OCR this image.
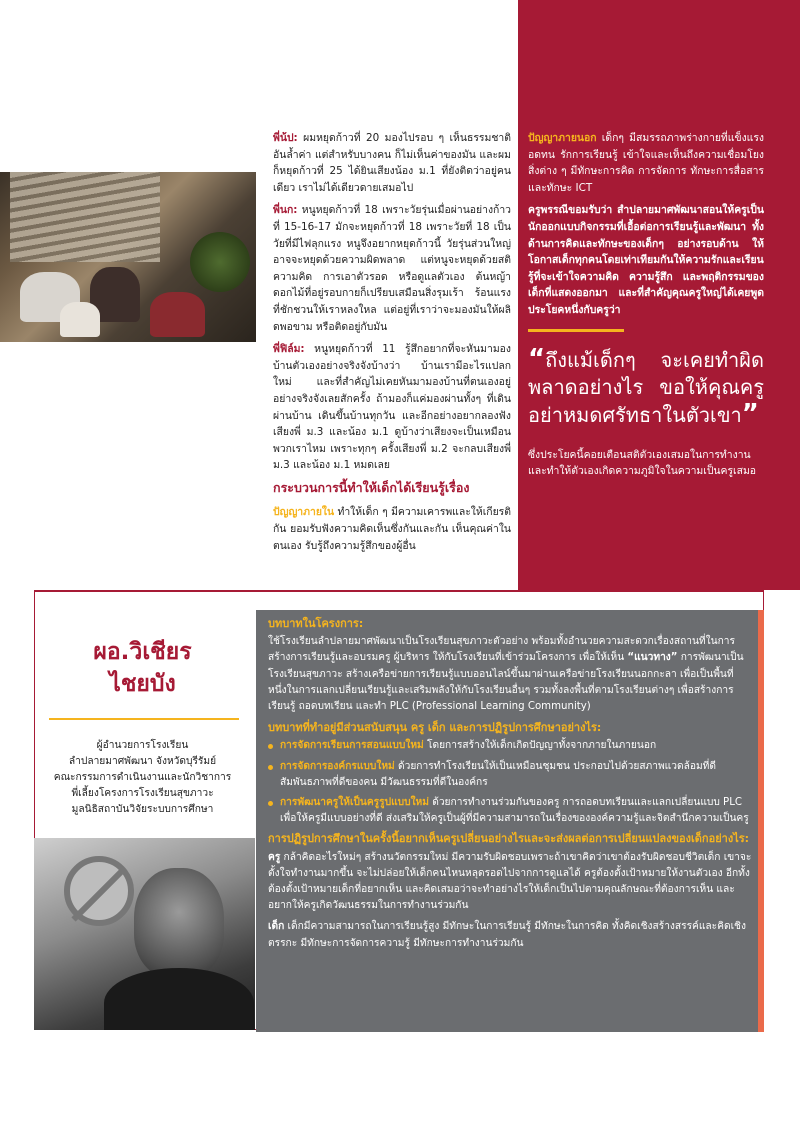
พี่น้ป: ผมหยุดก้าวที่ 20 มองไปรอบ ๆ เห็นธรรมชาติอันล้ำค่า แต่สำหรับบางคน ก็ไม่เห็นค่าของมัน และผมก็หยุดก้าวที่ 25 ได้ยินเสียงน้อง ม.1 ที่ยังติดว่าอยู่คนเดียว เราไม่ได้เดียวดายเสมอไป

พี่นก: หนูหยุดก้าวที่ 18 เพราะวัยรุ่นเมื่อผ่านอย่างก้าวที่ 15-16-17 มักจะหยุดก้าวที่ 18 เพราะวัยที่ 18 เป็นวัยที่มีไฟลุกแรง หนูจึงอยากหยุดก้าวนี้ วัยรุ่นส่วนใหญ่อาจจะหยุดด้วยความผิดพลาด แต่หนูจะหยุดด้วยสติ ความคิด การเอาตัวรอด หรือดูแลตัวเอง ต้นหญ้า ดอกไม้ที่อยู่รอบกายก็เปรียบเสมือนสิ่งรุมเร้า ร้อนแรง ที่ชักชวนให้เราหลงใหล แต่อยู่ที่เราว่าจะมองมันให้ผลิดพอขาม หรือติดอยู่กับมัน

พี่ฟิล์ม: หนูหยุดก้าวที่ 11 รู้สึกอยากที่จะหันมามองบ้านตัวเองอย่างจริงจังบ้างว่า บ้านเรามีอะไรแปลกใหม่ และที่สำคัญไม่เคยหันมามองบ้านที่ตนเองอยู่อย่างจริงจังเลยสักครั้ง ถ้ามองก็แค่มองผ่านทั้งๆ ที่เดินผ่านบ้าน เดินขึ้นบ้านทุกวัน และอีกอย่างอยากลองฟังเสียงพี่ ม.3 และน้อง ม.1 ดูบ้างว่าเสียงจะเป็นเหมือนพวกเราไหม เพราะทุกๆ ครั้งเสียงพี่ ม.2 จะกลบเสียงพี่ ม.3 และน้อง ม.1 หมดเลย

กระบวนการนี้ทำให้เด็กได้เรียนรู้เรื่อง

ปัญญาภายใน ทำให้เด็ก ๆ มีความเคารพและให้เกียรติกัน ยอมรับฟังความคิดเห็นซึ่งกันและกัน เห็นคุณค่าในตนเอง รับรู้ถึงความรู้สึกของผู้อื่น

ปัญญาภายนอก เด็กๆ มีสมรรถภาพร่างกายที่แข็งแรง อดทน รักการเรียนรู้ เข้าใจและเห็นถึงความเชื่อมโยงสิ่งต่าง ๆ มีทักษะการคิด การจัดการ ทักษะการสื่อสาร และทักษะ ICT

ครูพรรณีขอมรับว่า สำปลายมาศพัฒนาสอนให้ครูเป็นนักออกแบบกิจกรรมที่เอื้อต่อการเรียนรู้และพัฒนา ทั้งด้านการคิดและทักษะของเด็กๆ อย่างรอบด้าน ให้โอกาสเด็กทุกคนโดยเท่าเทียมกันให้ความรักและเรียนรู้ที่จะเข้าใจความคิด ความรู้สึก และพฤติกรรมของเด็กที่แสดงออกมา และที่สำคัญคุณครูใหญ่ได้เคยพูดประโยคหนึ่งกับครูว่า

“ถึงแม้เด็กๆ จะเคยทำผิดพลาดอย่างไร ขอให้คุณครูอย่าหมดศรัทธาในตัวเขา”

ซึ่งประโยคนี้คอยเตือนสติตัวเองเสมอในการทำงาน และทำให้ตัวเองเกิดความภูมิใจในความเป็นครูเสมอ

ผอ.วิเชียร
ไชยบัง
ผู้อำนวยการโรงเรียน
ลำปลายมาศพัฒนา จังหวัดบุรีรัมย์
คณะกรรมการดำเนินงานและนักวิชาการ
พี่เลี้ยงโครงการโรงเรียนสุขภาวะ
มูลนิธิสถาบันวิจัยระบบการศึกษา
บทบาทในโครงการ:

ใช้โรงเรียนลำปลายมาศพัฒนาเป็นโรงเรียนสุขภาวะตัวอย่าง พร้อมทั้งอำนวยความสะดวกเรื่องสถานที่ในการสร้างการเรียนรู้และอบรมครู ผู้บริหาร ให้กับโรงเรียนที่เข้าร่วมโครงการ เพื่อให้เห็น “แนวทาง” การพัฒนาเป็นโรงเรียนสุขภาวะ สร้างเครือข่ายการเรียนรู้แบบออนไลน์ขึ้นมาผ่านเครือข่ายโรงเรียนนอกกะลา เพื่อเป็นพื้นที่หนึ่งในการแลกเปลี่ยนเรียนรู้และเสริมพลังให้กับโรงเรียนอื่นๆ รวมทั้งลงพื้นที่ตามโรงเรียนต่างๆ เพื่อสร้างการเรียนรู้ ถอดบทเรียน และทำ PLC (Professional Learning Community)

บทบาทที่ทำอยู่มีส่วนสนับสนุน ครู เด็ก และการปฏิรูปการศึกษาอย่างไร:
การจัดการเรียนการสอนแบบใหม่ โดยการสร้างให้เด็กเกิดปัญญาทั้งจากภายในภายนอก
การจัดการองค์กรแบบใหม่ ด้วยการทำโรงเรียนให้เป็นเหมือนชุมชน ประกอบไปด้วยสภาพแวดล้อมที่ดี สัมพันธภาพที่ดีของคน มีวัฒนธรรมที่ดีในองค์กร
การพัฒนาครูให้เป็นครูรูปแบบใหม่ ด้วยการทำงานร่วมกันของครู การถอดบทเรียนและแลกเปลี่ยนแบบ PLC เพื่อให้ครูมีแบบอย่างที่ดี ส่งเสริมให้ครูเป็นผู้ที่มีความสามารถในเรื่องขององค์ความรู้และจิตสำนึกความเป็นครู
การปฏิรูปการศึกษาในครั้งนี้อยากเห็นครูเปลี่ยนอย่างไรและจะส่งผลต่อการเปลี่ยนแปลงของเด็กอย่างไร:

ครู กล้าคิดอะไรใหม่ๆ สร้างนวัตกรรมใหม่ มีความรับผิดชอบเพราะถ้าเขาคิดว่าเขาต้องรับผิดชอบชีวิตเด็ก เขาจะตั้งใจทำงานมากขึ้น จะไม่ปล่อยให้เด็กคนไหนหลุดรอดไปจากการดูแลได้ ครูต้องตั้งเป้าหมายให้งานตัวเอง อีกทั้งต้องตั้งเป้าหมายเด็กที่อยากเห็น และคิดเสมอว่าจะทำอย่างไรให้เด็กเป็นไปตามคุณลักษณะที่ต้องการเห็น และอยากให้ครูเกิดวัฒนธรรมในการทำงานร่วมกัน

เด็ก เด็กมีความสามารถในการเรียนรู้สูง มีทักษะในการเรียนรู้ มีทักษะในการคิด ทั้งคิดเชิงสร้างสรรค์และคิดเชิงตรรกะ มีทักษะการจัดการความรู้ มีทักษะการทำงานร่วมกัน
